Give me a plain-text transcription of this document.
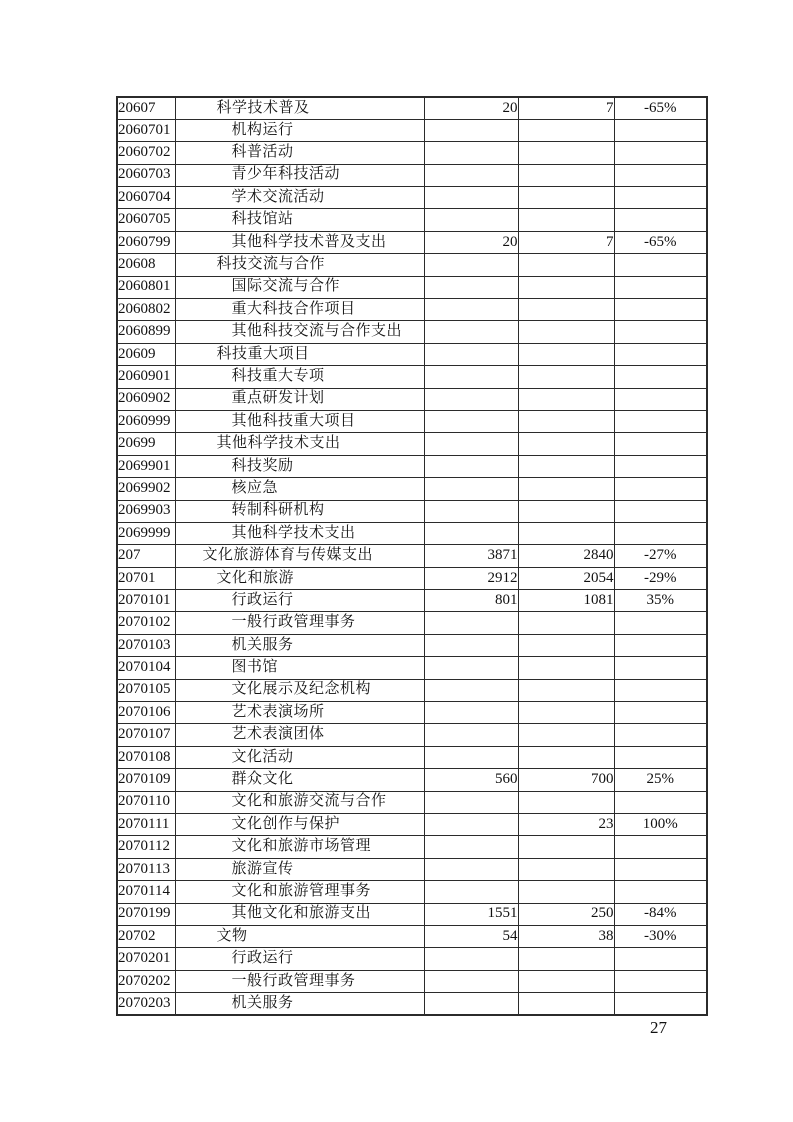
20607	科学技术普及	20	7	-65%
2060701	机构运行			
2060702	科普活动			
2060703	青少年科技活动			
2060704	学术交流活动			
2060705	科技馆站			
2060799	其他科学技术普及支出	20	7	-65%
20608	科技交流与合作			
2060801	国际交流与合作			
2060802	重大科技合作项目			
2060899	其他科技交流与合作支出			
20609	科技重大项目			
2060901	科技重大专项			
2060902	重点研发计划			
2060999	其他科技重大项目			
20699	其他科学技术支出			
2069901	科技奖励			
2069902	核应急			
2069903	转制科研机构			
2069999	其他科学技术支出			
207	文化旅游体育与传媒支出	3871	2840	-27%
20701	文化和旅游	2912	2054	-29%
2070101	行政运行	801	1081	35%
2070102	一般行政管理事务			
2070103	机关服务			
2070104	图书馆			
2070105	文化展示及纪念机构			
2070106	艺术表演场所			
2070107	艺术表演团体			
2070108	文化活动			
2070109	群众文化	560	700	25%
2070110	文化和旅游交流与合作			
2070111	文化创作与保护		23	100%
2070112	文化和旅游市场管理			
2070113	旅游宣传			
2070114	文化和旅游管理事务			
2070199	其他文化和旅游支出	1551	250	-84%
20702	文物	54	38	-30%
2070201	行政运行			
2070202	一般行政管理事务			
2070203	机关服务			
27
